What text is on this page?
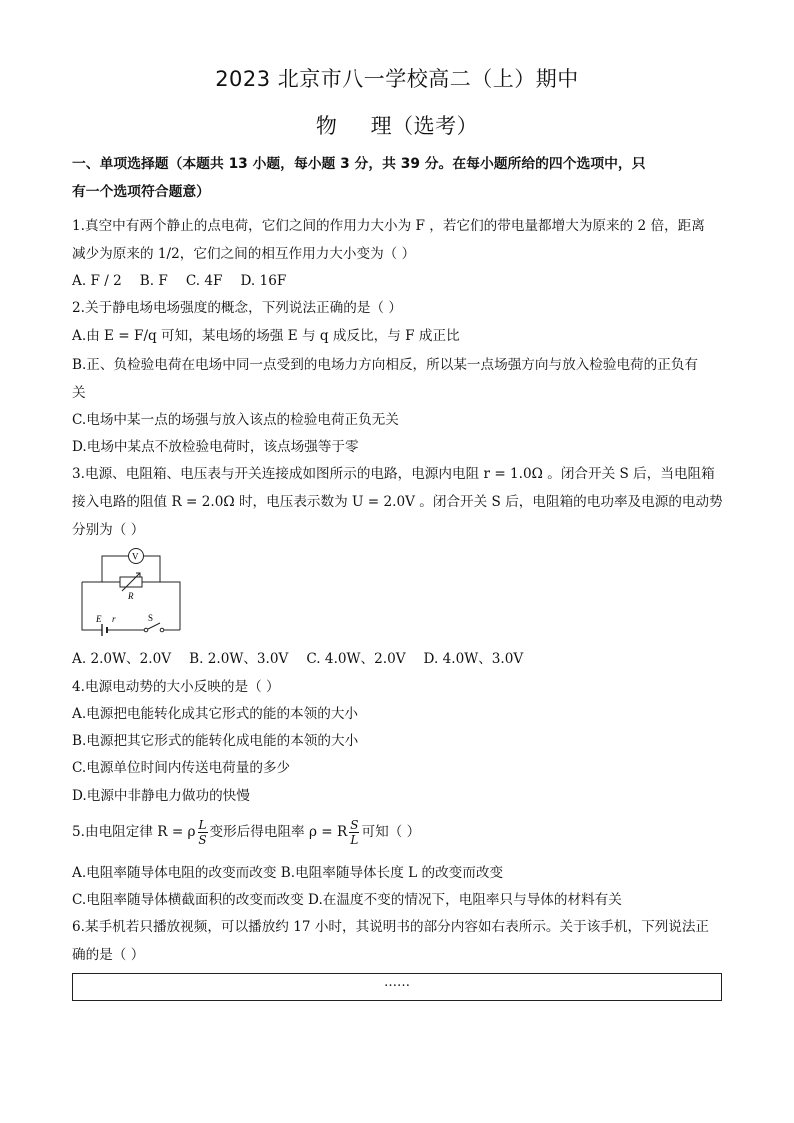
2023 北京市八一学校高二（上）期中
物 理（选考）
一、单项选择题（本题共 13 小题，每小题 3 分，共 39 分。在每小题所给的四个选项中，只
有一个选项符合题意）
1.真空中有两个静止的点电荷，它们之间的作用力大小为 F ，若它们的带电量都增大为原来的 2 倍，距离
减少为原来的 1/2，它们之间的相互作用力大小变为（ ）
A. F / 2 B. F C. 4F D. 16F
2.关于静电场电场强度的概念，下列说法正确的是（ ）
A.由 E = F/q 可知，某电场的场强 E 与 q 成反比，与 F 成正比
B.正、负检验电荷在电场中同一点受到的电场力方向相反，所以某一点场强方向与放入检验电荷的正负有
关
C.电场中某一点的场强与放入该点的检验电荷正负无关
D.电场中某点不放检验电荷时，该点场强等于零
3.电源、电阻箱、电压表与开关连接成如图所示的电路，电源内电阻 r = 1.0Ω 。闭合开关 S 后，当电阻箱
接入电路的阻值 R = 2.0Ω 时，电压表示数为 U = 2.0V 。闭合开关 S 后，电阻箱的电功率及电源的电动势
分别为（ ）
V
R
E r	S
A. 2.0W、2.0V B. 2.0W、3.0V C. 4.0W、2.0V D. 4.0W、3.0V
4.电源电动势的大小反映的是（ ）
A.电源把电能转化成其它形式的能的本领的大小
B.电源把其它形式的能转化成电能的本领的大小
C.电源单位时间内传送电荷量的多少
D.电源中非静电力做功的快慢
5.由电阻定律 R = ρ $\frac{L}{S}$ 变形后得电阻率 ρ = R $\frac{S}{L}$ 可知（ ）
A.电阻率随导体电阻的改变而改变 B.电阻率随导体长度 L 的改变而改变
C.电阻率随导体横截面积的改变而改变 D.在温度不变的情况下，电阻率只与导体的材料有关
6.某手机若只播放视频，可以播放约 17 小时，其说明书的部分内容如右表所示。关于该手机，下列说法正
确的是（ ）
……
